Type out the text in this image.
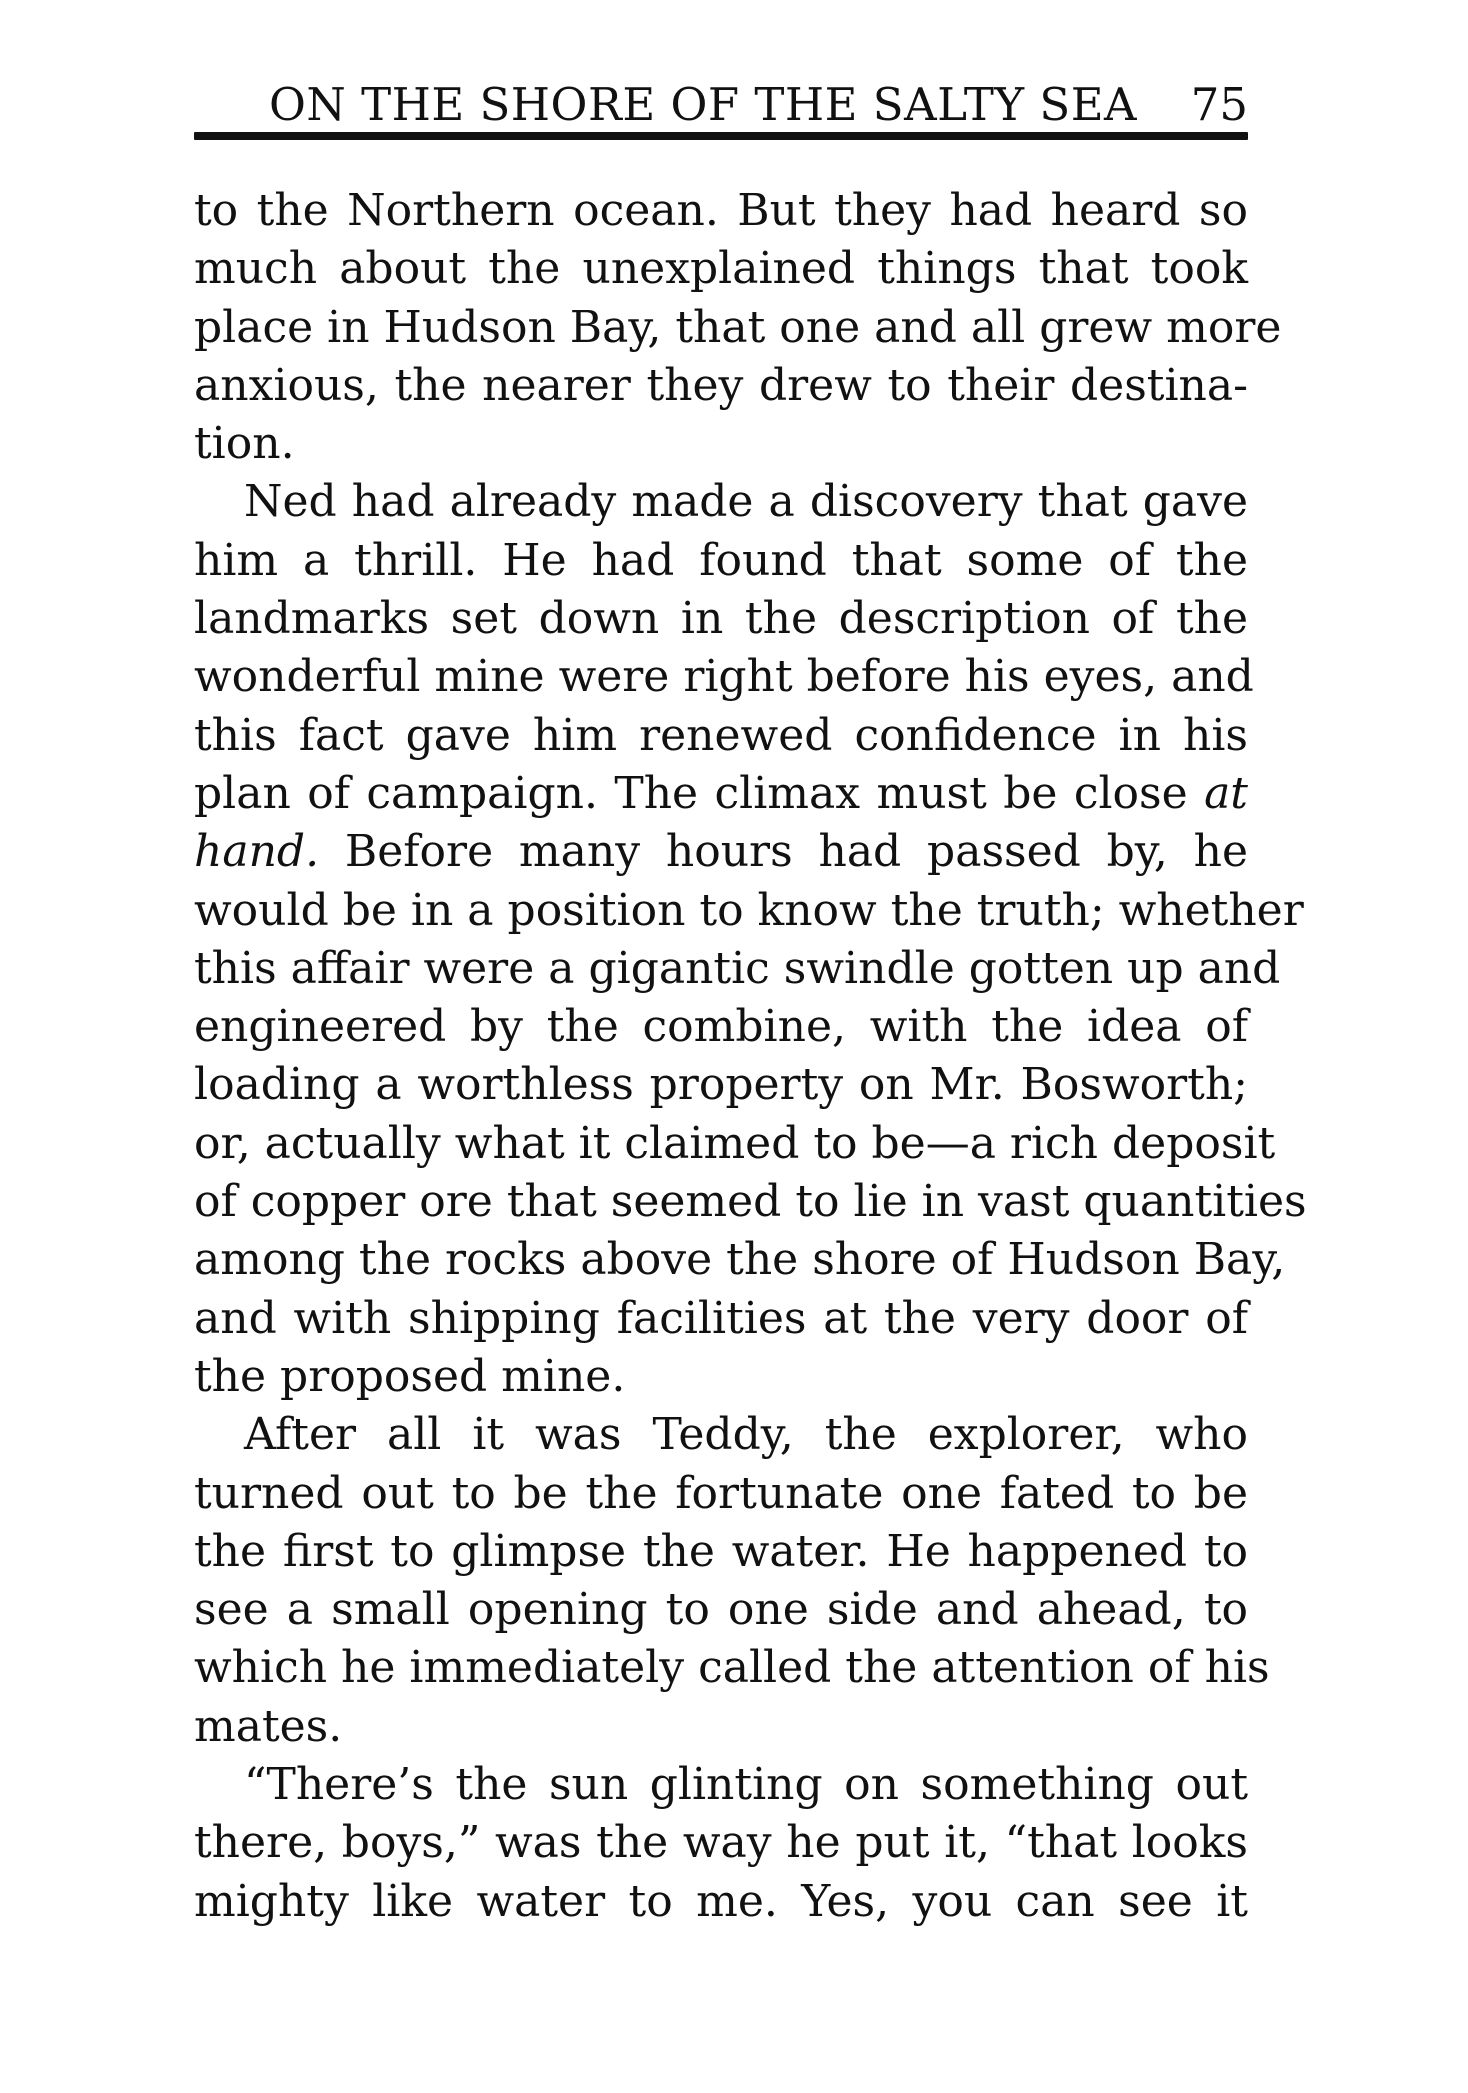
ON THE SHORE OF THE SALTY SEA 75
to the Northern ocean. But they had heard so
much about the unexplained things that took
place in Hudson Bay, that one and all grew more
anxious, the nearer they drew to their destina-
tion.
Ned had already made a discovery that gave
him a thrill. He had found that some of the
landmarks set down in the description of the
wonderful mine were right before his eyes, and
this fact gave him renewed confidence in his
plan of campaign. The climax must be close at
hand. Before many hours had passed by, he
would be in a position to know the truth; whether
this affair were a gigantic swindle gotten up and
engineered by the combine, with the idea of
loading a worthless property on Mr. Bosworth;
or, actually what it claimed to be—a rich deposit
of copper ore that seemed to lie in vast quantities
among the rocks above the shore of Hudson Bay,
and with shipping facilities at the very door of
the proposed mine.
After all it was Teddy, the explorer, who
turned out to be the fortunate one fated to be
the first to glimpse the water. He happened to
see a small opening to one side and ahead, to
which he immediately called the attention of his
mates.
“There’s the sun glinting on something out
there, boys,” was the way he put it, “that looks
mighty like water to me. Yes, you can see it
